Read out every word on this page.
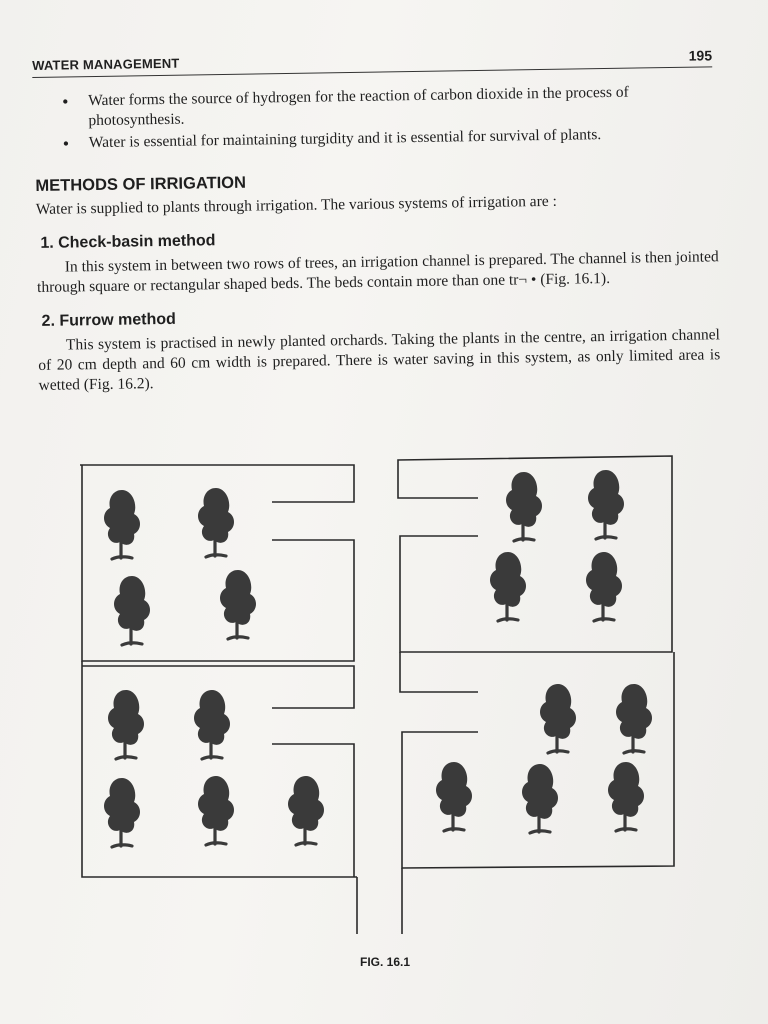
WATER MANAGEMENT
195
• Water forms the source of hydrogen for the reaction of carbon dioxide in the process of photosynthesis.
• Water is essential for maintaining turgidity and it is essential for survival of plants.
METHODS OF IRRIGATION

Water is supplied to plants through irrigation. The various systems of irrigation are :

1. Check-basin method

In this system in between two rows of trees, an irrigation channel is prepared. The channel is then jointed through square or rectangular shaped beds. The beds contain more than one tr¬ • (Fig. 16.1).

2. Furrow method

This system is practised in newly planted orchards. Taking the plants in the centre, an irrigation channel of 20 cm depth and 60 cm width is prepared. There is water saving in this system, as only limited area is wetted (Fig. 16.2).

FIG. 16.1
